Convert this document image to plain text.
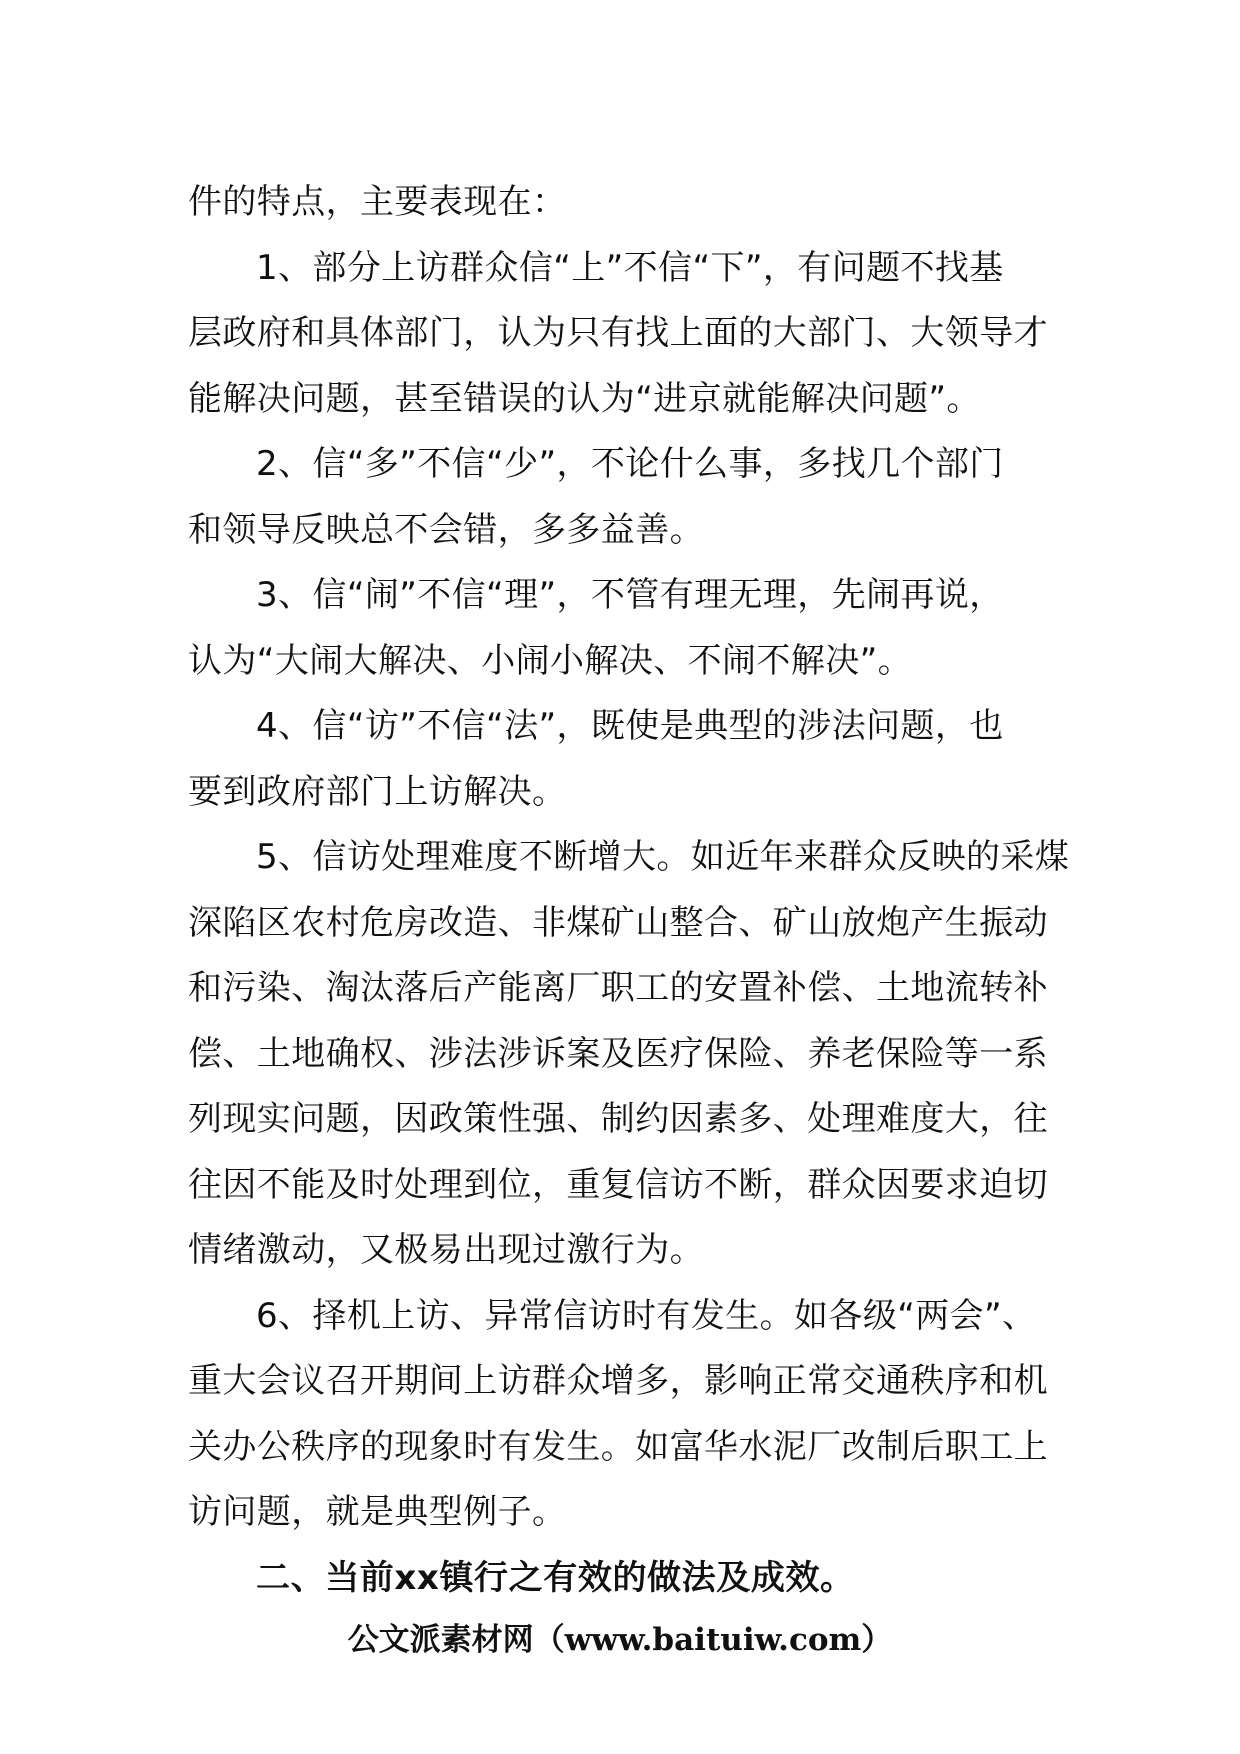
件的特点，主要表现在：
1、部分上访群众信“上”不信“下”，有问题不找基
层政府和具体部门，认为只有找上面的大部门、大领导才
能解决问题，甚至错误的认为“进京就能解决问题”。
2、信“多”不信“少”，不论什么事，多找几个部门
和领导反映总不会错，多多益善。
3、信“闹”不信“理”，不管有理无理，先闹再说，
认为“大闹大解决、小闹小解决、不闹不解决”。
4、信“访”不信“法”，既使是典型的涉法问题，也
要到政府部门上访解决。
5、信访处理难度不断增大。如近年来群众反映的采煤
深陷区农村危房改造、非煤矿山整合、矿山放炮产生振动
和污染、淘汰落后产能离厂职工的安置补偿、土地流转补
偿、土地确权、涉法涉诉案及医疗保险、养老保险等一系
列现实问题，因政策性强、制约因素多、处理难度大，往
往因不能及时处理到位，重复信访不断，群众因要求迫切
情绪激动，又极易出现过激行为。
6、择机上访、异常信访时有发生。如各级“两会”、
重大会议召开期间上访群众增多，影响正常交通秩序和机
关办公秩序的现象时有发生。如富华水泥厂改制后职工上
访问题，就是典型例子。
二、当前xx镇行之有效的做法及成效。
公文派素材网（www.baituiw.com）
